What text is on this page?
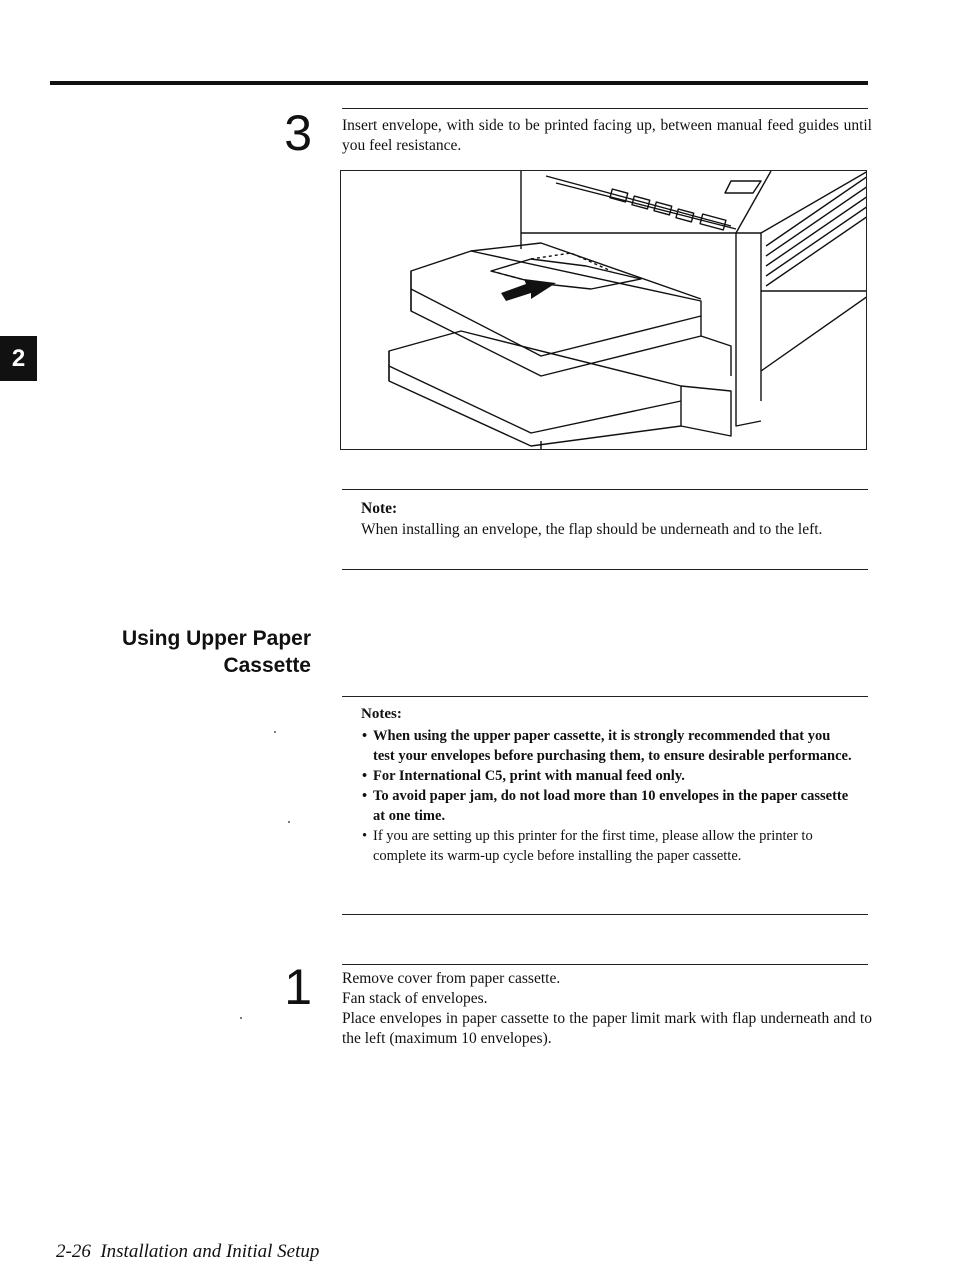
2
3 Insert envelope, with side to be printed facing up, between manual feed guides until you feel resistance.
Note:
When installing an envelope, the flap should be underneath and to the left.
Using Upper Paper
Cassette
Notes:
• When using the upper paper cassette, it is strongly recommended that you test your envelopes before purchasing them, to ensure desirable performance.
• For International C5, print with manual feed only.
• To avoid paper jam, do not load more than 10 envelopes in the paper cassette at one time.
• If you are setting up this printer for the first time, please allow the printer to complete its warm-up cycle before installing the paper cassette.
1 Remove cover from paper cassette.
Fan stack of envelopes.
Place envelopes in paper cassette to the paper limit mark with flap underneath and to the left (maximum 10 envelopes).
2-26  Installation and Initial Setup
